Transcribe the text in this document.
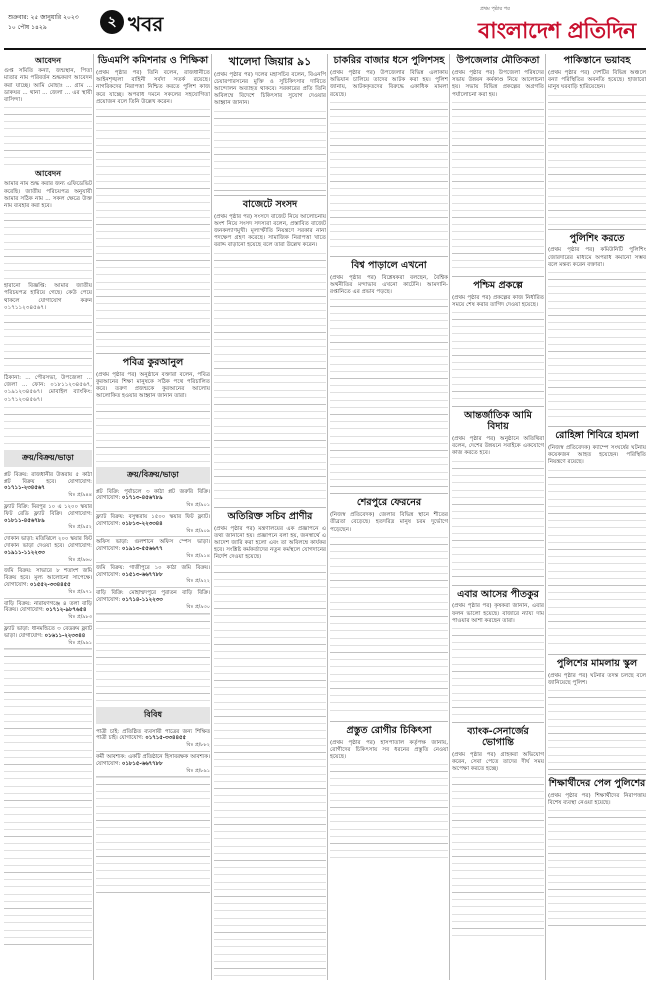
শুক্রবার: ২৫ জানুয়ারি ২০২৩
১০ পৌষ ১৪২৯	২ খবর
প্রথম পৃষ্ঠার পর
বাংলাদেশ প্রতিদিন
আবেদন

গুপ্ত সমিতি কন্যা, জন্মস্থান, পিতা মাতার নাম পরিবর্তন শুদ্ধকরণ আবেদন করা যাচ্ছে। আমি মোছাঃ ... গ্রাম ... ডাকঘর ... থানা ... জেলা ... এর স্থায়ী বাসিন্দা।

আবেদন

আমার নাম শুদ্ধ করার জন্য এফিডেভিট করেছি। জাতীয় পরিচয়পত্র অনুযায়ী আমার সঠিক নাম ... সকল ক্ষেত্রে উক্ত নাম ব্যবহার করা হবে।

হারানো বিজ্ঞপ্তি: আমার জাতীয় পরিচয়পত্র হারিয়ে গেছে। কেউ পেয়ে থাকলে যোগাযোগ করুন ০১৭১১২৩৪৫৬৭।

ঠিকানা: ... পৌরসভা, উপজেলা ... জেলা ... ফোন: ০১৮১১২৩৪৫৬৭, ০১৯১২৩৪৫৬৭। মোবাইল ব্যাংকিং: ০১৭১২৩৪৫৬৭।

ক্রয়/বিক্রয়/ভাড়া
প্লট বিক্রয়: রাজধানীর উত্তরায় ৫ কাঠা প্লট বিক্রয় হবে। যোগাযোগ: ০১৭১১-২৩৪৫৬৭
বিঃ প্র/৯৪৪
ফ্ল্যাট বিক্রি: মিরপুর ১০ এ ১২০০ স্কয়ার ফিট রেডি ফ্ল্যাট বিক্রি। যোগাযোগ: ০১৮১১-৪৫৬৭৮৯
বিঃ প্র/৯৫২
দোকান ভাড়া: মতিঝিলে ২০০ স্কয়ার ফিট দোকান ভাড়া দেওয়া হবে। যোগাযোগ: ০১৯১১-১১২২৩৩
বিঃ প্র/৯৬০
জমি বিক্রয়: সাভারে ৮ শতাংশ জমি বিক্রয় হবে। মূল্য আলোচনা সাপেক্ষে। যোগাযোগ: ০১৫৫২-৩৩৪৪৫৫
বিঃ প্র/৯৭১
বাড়ি বিক্রয়: নারায়ণগঞ্জে ৪ তলা বাড়ি বিক্রয়। যোগাযোগ: ০১৭১২-৯৮৭৬৫৪
বিঃ প্র/৯৮৩
ফ্ল্যাট ভাড়া: ধানমন্ডিতে ৩ বেডরুম ফ্ল্যাট ভাড়া। যোগাযোগ: ০১৬১১-২২৩৩৪৪
বিঃ প্র/৯৯১
ডিএমপি কমিশনার ও শিক্ষিকা

(প্রথম পৃষ্ঠার পর) তিনি বলেন, রাজধানীতে আইনশৃঙ্খলা বাহিনী সর্বদা সতর্ক রয়েছে। নাগরিকদের নিরাপত্তা নিশ্চিত করতে পুলিশ কাজ করে যাচ্ছে। অপরাধ দমনে সকলের সহযোগিতা প্রয়োজন বলে তিনি উল্লেখ করেন।

পবিত্র কুরআনুল

(প্রথম পৃষ্ঠার পর) অনুষ্ঠানে বক্তারা বলেন, পবিত্র কুরআনের শিক্ষা মানুষকে সঠিক পথে পরিচালিত করে। তরুণ প্রজন্মকে কুরআনের আলোয় আলোকিত হওয়ার আহ্বান জানান তারা।

ক্রয়/বিক্রয়/ভাড়া
প্লট বিক্রি: পূর্বাচলে ৩ কাঠা প্লট জরুরি বিক্রি। যোগাযোগ: ০১৭১৩-৪৫৬৭৮৯
বিঃ প্র/৯০১
ফ্ল্যাট বিক্রয়: বসুন্ধরায় ১৫০০ স্কয়ার ফিট ফ্ল্যাট। যোগাযোগ: ০১৮১৩-২২৩৩৪৪
বিঃ প্র/৯০৯
অফিস ভাড়া: গুলশানে অফিস স্পেস ভাড়া। যোগাযোগ: ০১৯১৩-৫৫৬৬৭৭
বিঃ প্র/৯১৪
জমি বিক্রয়: গাজীপুরে ১০ কাঠা জমি বিক্রয়। যোগাযোগ: ০১৫১৩-৬৬৭৭৮৮
বিঃ প্র/৯২২
বাড়ি বিক্রি: মোহাম্মদপুরে পুরাতন বাড়ি বিক্রি। যোগাযোগ: ০১৭১৪-১১২২৩৩
বিঃ প্র/৯৩০
বিবিধ
পাত্রী চাই: প্রতিষ্ঠিত ব্যবসায়ী পাত্রের জন্য শিক্ষিত পাত্রী চাই। যোগাযোগ: ০১৭১৫-৩৩৪৪৫৫
বিঃ প্র/৮৮২
কর্মী আবশ্যক: একটি প্রতিষ্ঠানে হিসাবরক্ষক আবশ্যক। যোগাযোগ: ০১৮১৫-৬৬৭৭৮৮
বিঃ প্র/৮৯১
খালেদা জিয়ার ৯১

(প্রথম পৃষ্ঠার পর) দলের মহাসচিব বলেন, বিএনপি চেয়ারপারসনের মুক্তি ও সুচিকিৎসার দাবিতে আন্দোলন অব্যাহত থাকবে। সরকারের প্রতি তিনি অবিলম্বে বিদেশে চিকিৎসার সুযোগ দেওয়ার আহ্বান জানান।

বাজেটে সংসদ

(প্রথম পৃষ্ঠার পর) সংসদে বাজেট নিয়ে আলোচনায় অংশ নিয়ে সংসদ সদস্যরা বলেন, প্রস্তাবিত বাজেট জনকল্যাণমুখী। মূল্যস্ফীতি নিয়ন্ত্রণে সরকার নানা পদক্ষেপ গ্রহণ করেছে। সামাজিক নিরাপত্তা খাতে বরাদ্দ বাড়ানো হয়েছে বলে তারা উল্লেখ করেন।

অতিরিক্ত সচিব প্রাণীর

(প্রথম পৃষ্ঠার পর) মন্ত্রণালয়ের এক প্রজ্ঞাপনে এ তথ্য জানানো হয়। প্রজ্ঞাপনে বলা হয়, জনস্বার্থে এ আদেশ জারি করা হলো এবং তা অবিলম্বে কার্যকর হবে। সংশ্লিষ্ট কর্মকর্তাদের নতুন কর্মস্থলে যোগদানের নির্দেশ দেওয়া হয়েছে।

চাকরির বাজার ধসে পুলিশসহ

(প্রথম পৃষ্ঠার পর) উপজেলার বিভিন্ন এলাকায় অভিযান চালিয়ে তাদের আটক করা হয়। পুলিশ জানায়, আটককৃতদের বিরুদ্ধে একাধিক মামলা রয়েছে।

বিশ্ব পাড়ালে এখনো

(প্রথম পৃষ্ঠার পর) বিশ্লেষকরা বলছেন, বৈশ্বিক অর্থনীতির মন্দাভাব এখনো কাটেনি। আমদানি-রপ্তানিতে এর প্রভাব পড়ছে।

শেরপুরে ফেরনের

(নিজস্ব প্রতিবেদক) জেলার বিভিন্ন স্থানে শীতের তীব্রতা বেড়েছে। হতদরিদ্র মানুষ চরম দুর্ভোগে পড়েছেন।

প্রস্তুত রোগীর চিকিৎসা

(প্রথম পৃষ্ঠার পর) হাসপাতাল কর্তৃপক্ষ জানায়, রোগীদের চিকিৎসায় সব ধরনের প্রস্তুতি নেওয়া হয়েছে।

উপজেলার মৌতিকতা

(প্রথম পৃষ্ঠার পর) উপজেলা পরিষদের সভায় উন্নয়ন কর্মকাণ্ড নিয়ে আলোচনা হয়। সভায় বিভিন্ন প্রকল্পের অগ্রগতি পর্যালোচনা করা হয়।

পশ্চিম প্রকল্পে

(প্রথম পৃষ্ঠার পর) প্রকল্পের কাজ নির্ধারিত সময়ে শেষ করার তাগিদ দেওয়া হয়েছে।

আন্তর্জাতিক আমি বিদায়

(প্রথম পৃষ্ঠার পর) অনুষ্ঠানে অতিথিরা বলেন, দেশের উন্নয়নে সবাইকে একযোগে কাজ করতে হবে।

এবার আসের পীতকুর

(প্রথম পৃষ্ঠার পর) কৃষকরা জানান, এবার ফলন ভালো হয়েছে। বাজারে ন্যায্য দাম পাওয়ার আশা করছেন তারা।

ব্যাংক-সেনার্জের ভোগান্তি

(প্রথম পৃষ্ঠার পর) গ্রাহকরা অভিযোগ করেন, সেবা পেতে তাদের দীর্ঘ সময় অপেক্ষা করতে হচ্ছে।

পাকিস্তানে ভয়াবহ

(প্রথম পৃষ্ঠার পর) দেশটির বিভিন্ন অঞ্চলে বন্যা পরিস্থিতির অবনতি হয়েছে। হাজারো মানুষ ঘরবাড়ি হারিয়েছেন।

পুলিশিং করতে

(প্রথম পৃষ্ঠার পর) কমিউনিটি পুলিশিং জোরদারের মাধ্যমে অপরাধ কমানো সম্ভব বলে মন্তব্য করেন বক্তারা।

রোহিঙ্গা শিবিরে হামলা

(নিজস্ব প্রতিবেদক) ক্যাম্পে সংঘর্ষের ঘটনায় কয়েকজন আহত হয়েছেন। পরিস্থিতি নিয়ন্ত্রণে রয়েছে।

পুলিশের মামলায় স্কুল

(প্রথম পৃষ্ঠার পর) ঘটনার তদন্ত চলছে বলে জানিয়েছে পুলিশ।

শিক্ষার্থীদের পেল পুলিশের

(প্রথম পৃষ্ঠার পর) শিক্ষার্থীদের নিরাপত্তায় বিশেষ ব্যবস্থা নেওয়া হয়েছে।
